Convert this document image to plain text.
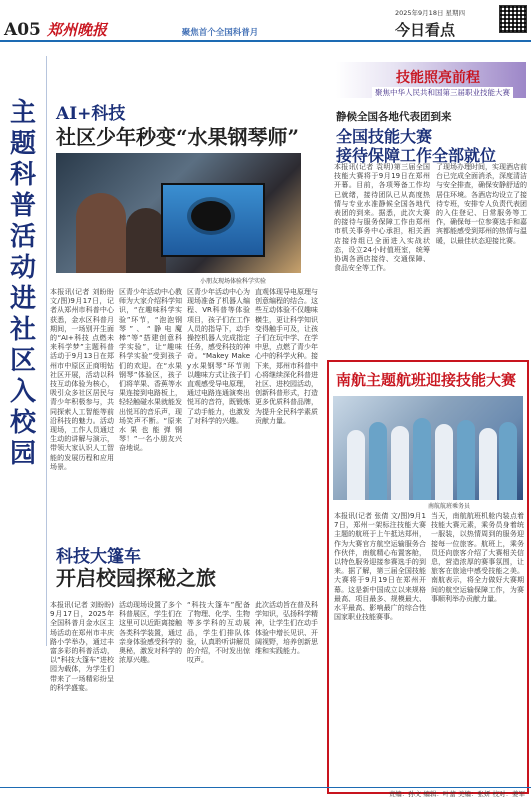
A05 郑州晚报
2025年9月18日 星期四
今日看点
聚焦首个全国科普月
主题科普活动进社区入校园
AI+科技
社区少年秒变“水果钢琴师”
小朋友现场体验科学实验
本报讯(记者 刘盼盼 文/图)9月17日，记者从郑州市科普中心获悉，金水区科普月期间，一场别开生面的“AI+科技 点燃未来科学梦”主题科普活动于9月13日在郑州市中原区正商明钻社区开展，活动以科技互动体验为核心，吸引众多社区居民与青少年积极参与，共同探索人工智能等前沿科技的魅力。活动现场，工作人员通过生动的讲解与演示，带领大家认识人工智能的发展历程和应用场景。
区青少年活动中心教师为大家介绍科学知识，“在趣味科学实验”环节，“泡泡钢琴”、“静电魔棒”等“搭建创意科学实验”，让“趣味科学实验”受到孩子们的欢迎。在“水果钢琴”体验区，孩子们将苹果、香蕉等水果连接到电路板上，轻轻触碰水果就能发出悦耳的音乐声，现场笑声不断。“原来水果也能弹钢琴！”一名小朋友兴奋地说。
区青少年活动中心为现场准备了机器人编程、VR科普等体验项目，孩子们在工作人员的指导下，动手操控机器人完成指定任务，感受科技的神奇。“Makey Makey水果钢琴”环节则以趣味方式让孩子们直观感受导电原理，通过电路连通演奏出悦耳的音符，既锻炼了动手能力，也激发了对科学的兴趣。
直观体现导电原理与创意编程的结合。这些互动体验不仅趣味横生，更让科学知识变得触手可及，让孩子们在玩中学、在学中思，点燃了青少年心中的科学火种。接下来，郑州市科普中心将继续深化科普进社区、进校园活动，创新科普形式，打造更多优质科普品牌，为提升全民科学素质贡献力量。
科技大篷车
开启校园探秘之旅
本报讯(记者 刘盼盼)9月17日，2025年全国科普月金水区主场活动在郑州市丰庆路小学举办，通过丰富多彩的科普活动，以“科技大篷车”进校园为载体，为学生们带来了一场精彩纷呈的科学盛宴。
活动现场设置了多个科普展区，学生们在这里可以近距离接触各类科学装置，通过亲身体验感受科学的奥秘，激发对科学的浓厚兴趣。
“科技大篷车”配备了物理、化学、生物等多学科的互动展品，学生们排队体验，认真聆听讲解员的介绍，不时发出惊叹声。
此次活动旨在普及科学知识，弘扬科学精神，让学生们在动手体验中增长见识、开阔视野，培养创新思维和实践能力。
技能照亮前程
聚焦中华人民共和国第三届职业技能大赛
静候全国各地代表团到来
全国技能大赛
接待保障工作全部就位
本报讯(记者 袁明)第三届全国技能大赛将于9月19日在郑州开幕。目前，各项筹备工作均已就绪，接待团队已从高度热情与专业水准静候全国各地代表团的到来。据悉，此次大赛的接待与服务保障工作由郑州市机关事务中心承担，相关酒店接待组已全面进入实战状态，设立24小时值班室，统筹协调各酒店接待、交通保障、食品安全等工作。
了现场办理时间，实现酒店前台已完成全面消杀，深度清洁与安全排查，确保安静舒适的居住环境。各酒店均设立了接待专班，安排专人负责代表团的入住登记、日常服务等工作，确保每一位参赛选手和嘉宾都能感受到郑州的热情与温暖，以最佳状态迎接比赛。
南航主题航班迎接技能大赛
南航航班乘务员
本报讯(记者 张倩 文/图)9月17日，郑州一架标注技能大赛主题的航班于上午抵达郑州，作为大赛官方航空运输服务合作伙伴，南航精心布置客舱，以特色服务迎接参赛选手的到来。据了解，第三届全国技能大赛将于9月19日在郑州开幕。这是新中国成立以来规格最高、项目最多、规模最大、水平最高、影响最广的综合性国家职业技能赛事。
当天，南航航班机舱内装点着技能大赛元素，乘务员身着统一服装，以热情周到的服务迎接每一位旅客。航班上，乘务员还向旅客介绍了大赛相关信息，营造浓厚的赛事氛围，让旅客在旅途中感受技能之美。南航表示，将全力做好大赛期间的航空运输保障工作，为赛事顺利举办贡献力量。
责编：孙文 编辑：叶蕾 美编：张妍 校对：姜军
